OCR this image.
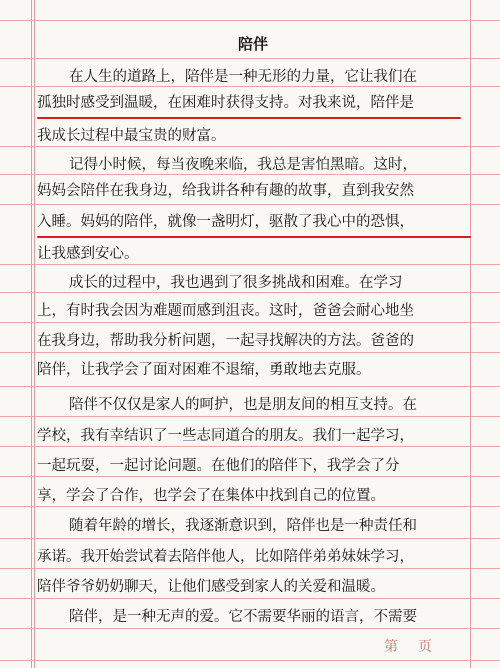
陪伴
在人生的道路上，陪伴是一种无形的力量，它让我们在
孤独时感受到温暖，在困难时获得支持。对我来说，陪伴是
我成长过程中最宝贵的财富。
记得小时候，每当夜晚来临，我总是害怕黑暗。这时，
妈妈会陪伴在我身边，给我讲各种有趣的故事，直到我安然
入睡。妈妈的陪伴，就像一盏明灯，驱散了我心中的恐惧，
让我感到安心。
成长的过程中，我也遇到了很多挑战和困难。在学习
上，有时我会因为难题而感到沮丧。这时，爸爸会耐心地坐
在我身边，帮助我分析问题，一起寻找解决的方法。爸爸的
陪伴，让我学会了面对困难不退缩，勇敢地去克服。
陪伴不仅仅是家人的呵护，也是朋友间的相互支持。在
学校，我有幸结识了一些志同道合的朋友。我们一起学习，
一起玩耍，一起讨论问题。在他们的陪伴下，我学会了分
享，学会了合作，也学会了在集体中找到自己的位置。
随着年龄的增长，我逐渐意识到，陪伴也是一种责任和
承诺。我开始尝试着去陪伴他人，比如陪伴弟弟妹妹学习，
陪伴爷爷奶奶聊天，让他们感受到家人的关爱和温暖。
陪伴，是一种无声的爱。它不需要华丽的语言，不需要
第页
